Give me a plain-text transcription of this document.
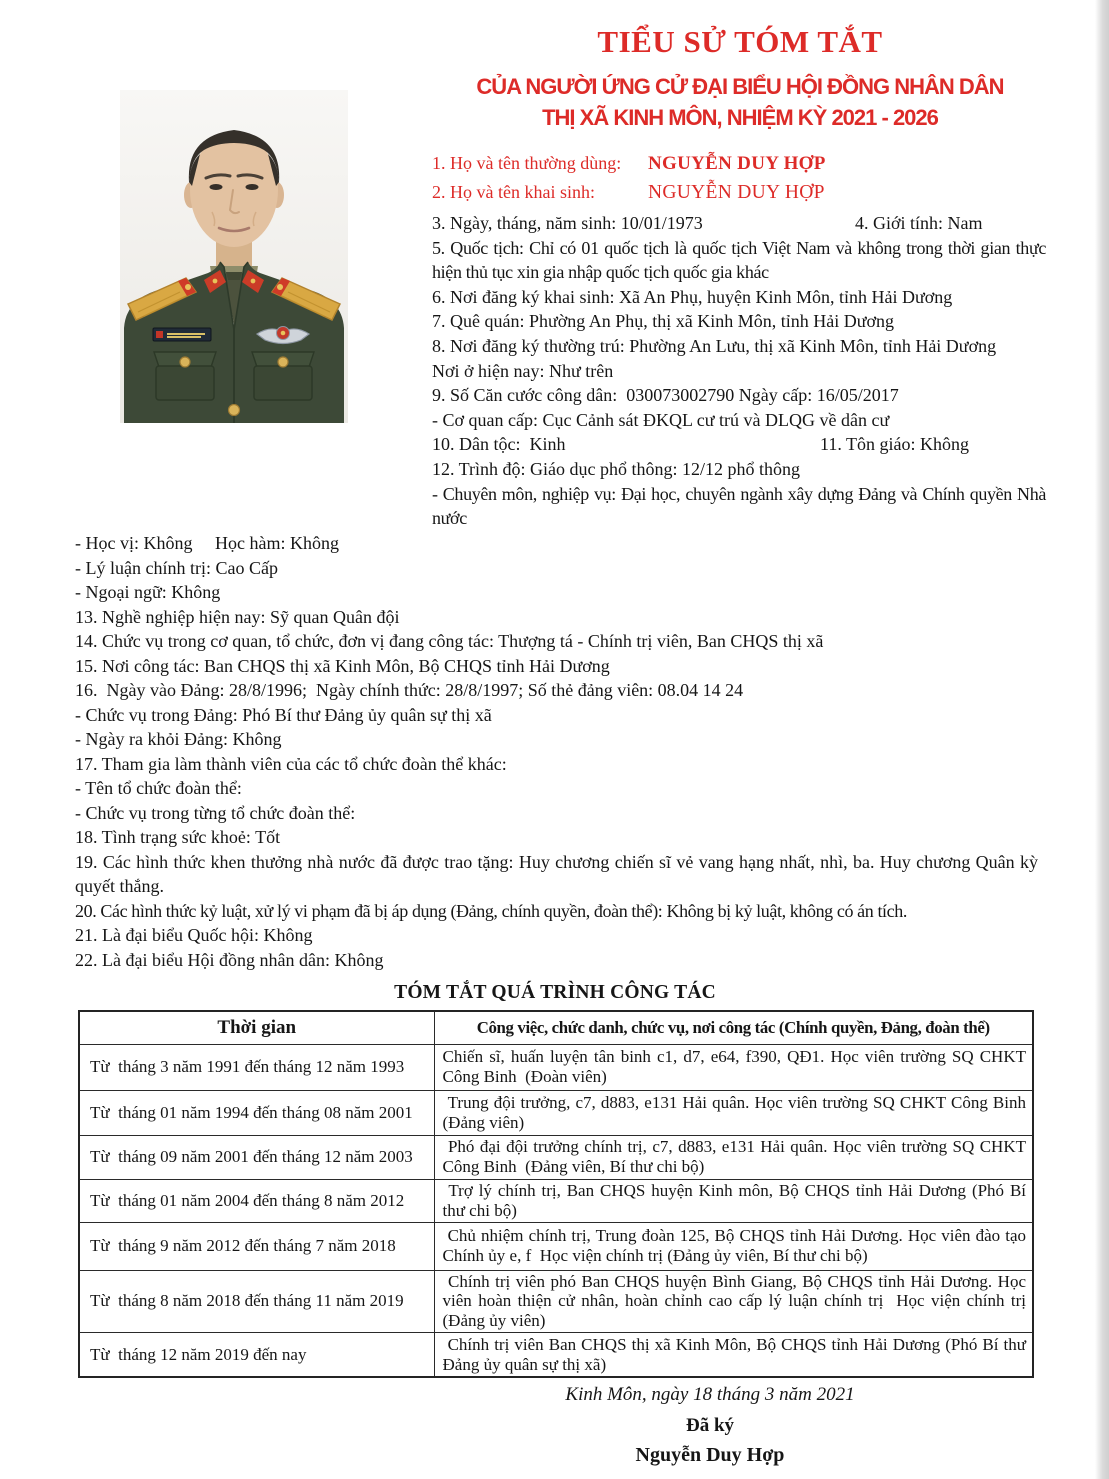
TIỂU SỬ TÓM TẮT
CỦA NGƯỜI ỨNG CỬ ĐẠI BIỂU HỘI ĐỒNG NHÂN DÂN
THỊ XÃ KINH MÔN, NHIỆM KỲ 2021 - 2026

1. Họ và tên thường dùng: NGUYỄN DUY HỢP

2. Họ và tên khai sinh:	NGUYỄN DUY HỢP

3. Ngày, tháng, năm sinh: 10/01/1973	4. Giới tính: Nam

5. Quốc tịch: Chỉ có 01 quốc tịch là quốc tịch Việt Nam và không trong thời gian thực hiện thủ tục xin gia nhập quốc tịch quốc gia khác

6. Nơi đăng ký khai sinh: Xã An Phụ, huyện Kinh Môn, tỉnh Hải Dương

7. Quê quán: Phường An Phụ, thị xã Kinh Môn, tỉnh Hải Dương

8. Nơi đăng ký thường trú: Phường An Lưu, thị xã Kinh Môn, tỉnh Hải Dương

Nơi ở hiện nay: Như trên

9. Số Căn cước công dân:  030073002790 Ngày cấp: 16/05/2017

- Cơ quan cấp: Cục Cảnh sát ĐKQL cư trú và DLQG về dân cư

10. Dân tộc:  Kinh	11. Tôn giáo: Không

12. Trình độ: Giáo dục phổ thông: 12/12 phổ thông

- Chuyên môn, nghiệp vụ: Đại học, chuyên ngành xây dựng Đảng và Chính quyền Nhà nước

- Học vị: Không     Học hàm: Không

- Lý luận chính trị: Cao Cấp

- Ngoại ngữ: Không

13. Nghề nghiệp hiện nay: Sỹ quan Quân đội

14. Chức vụ trong cơ quan, tổ chức, đơn vị đang công tác: Thượng tá - Chính trị viên, Ban CHQS thị xã

15. Nơi công tác: Ban CHQS thị xã Kinh Môn, Bộ CHQS tỉnh Hải Dương

16.  Ngày vào Đảng: 28/8/1996;  Ngày chính thức: 28/8/1997; Số thẻ đảng viên: 08.04 14 24

- Chức vụ trong Đảng: Phó Bí thư Đảng ủy quân sự thị xã

- Ngày ra khỏi Đảng: Không

17. Tham gia làm thành viên của các tổ chức đoàn thể khác:

- Tên tổ chức đoàn thể:

- Chức vụ trong từng tổ chức đoàn thể:

18. Tình trạng sức khoẻ: Tốt

19. Các hình thức khen thưởng nhà nước đã được trao tặng: Huy chương chiến sĩ vẻ vang hạng nhất, nhì, ba. Huy chương Quân kỳ quyết thắng.

20. Các hình thức kỷ luật, xử lý vi phạm đã bị áp dụng (Đảng, chính quyền, đoàn thể): Không bị kỷ luật, không có án tích.

21. Là đại biểu Quốc hội: Không

22. Là đại biểu Hội đồng nhân dân: Không

TÓM TẮT QUÁ TRÌNH CÔNG TÁC
Thời gian	Công việc, chức danh, chức vụ, nơi công tác (Chính quyền, Đảng, đoàn thể)
Từ  tháng 3 năm 1991 đến tháng 12 năm 1993	Chiến sĩ, huấn luyện tân binh c1, d7, e64, f390, QĐ1. Học viên trường SQ CHKT Công Binh  (Đoàn viên)
Từ  tháng 01 năm 1994 đến tháng 08 năm 2001	Trung đội trưởng, c7, d883, e131 Hải quân. Học viên trường SQ CHKT Công Binh  (Đảng viên)
Từ  tháng 09 năm 2001 đến tháng 12 năm 2003	Phó đại đội trưởng chính trị, c7, d883, e131 Hải quân. Học viên trường SQ CHKT Công Binh  (Đảng viên, Bí thư chi bộ)
Từ  tháng 01 năm 2004 đến tháng 8 năm 2012	Trợ lý chính trị, Ban CHQS huyện Kinh môn, Bộ CHQS tỉnh Hải Dương (Phó Bí thư chi bộ)
Từ  tháng 9 năm 2012 đến tháng 7 năm 2018	Chủ nhiệm chính trị, Trung đoàn 125, Bộ CHQS tỉnh Hải Dương. Học viên đào tạo Chính ủy e, f  Học viện chính trị (Đảng ủy viên, Bí thư chi bộ)
Từ  tháng 8 năm 2018 đến tháng 11 năm 2019	Chính trị viên phó Ban CHQS huyện Bình Giang, Bộ CHQS tỉnh Hải Dương. Học viên hoàn thiện cử nhân, hoàn chỉnh cao cấp lý luận chính trị  Học viện chính trị (Đảng ủy viên)
Từ  tháng 12 năm 2019 đến nay	Chính trị viên Ban CHQS thị xã Kinh Môn, Bộ CHQS tỉnh Hải Dương (Phó Bí thư Đảng ủy quân sự thị xã)
Kinh Môn, ngày 18 tháng 3 năm 2021
Đã ký
Nguyễn Duy Hợp
